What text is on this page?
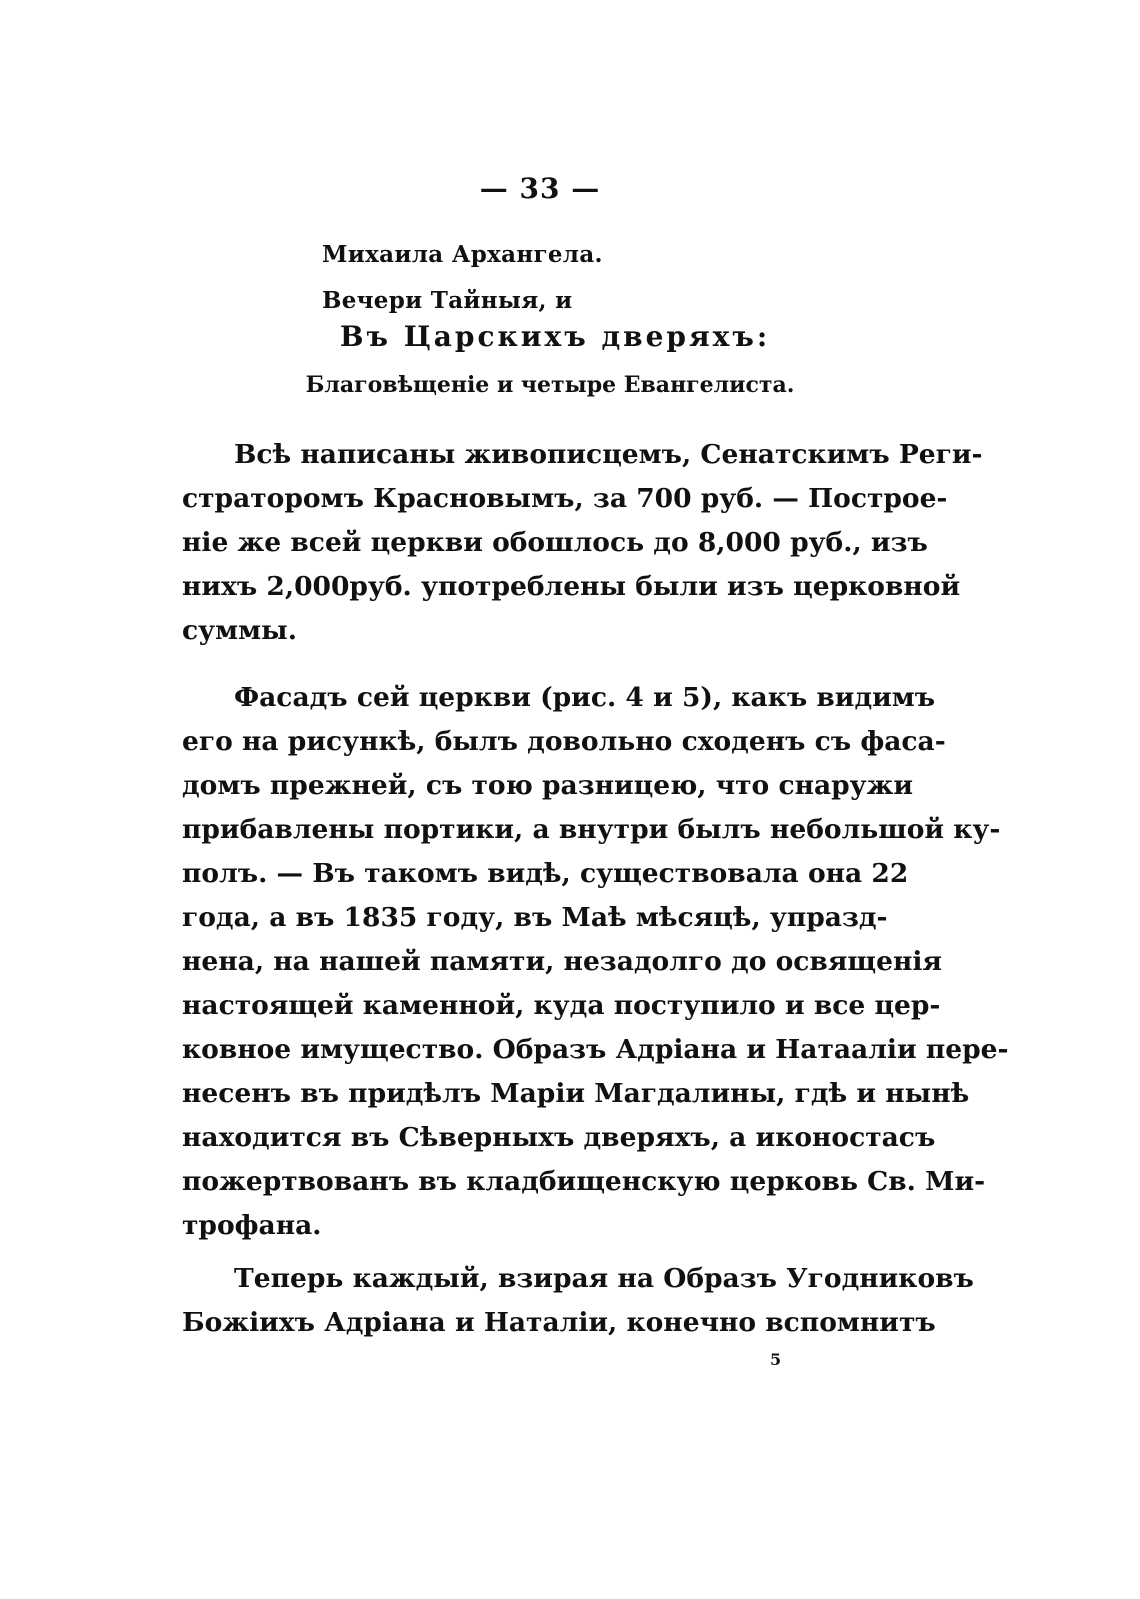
— 33 —
Михаила Архангела.
Вечери Тайныя, и
Въ Царскихъ дверяхъ:
Благовѣщеніе и четыре Евангелиста.
Всѣ написаны живописцемъ, Сенатскимъ Реги-
страторомъ Красновымъ, за 700 руб. — Построе-
ніе же всей церкви обошлось до 8,000 руб., изъ
нихъ 2,000руб. употреблены были изъ церковной
суммы.
Фасадъ сей церкви (рис. 4 и 5), какъ видимъ
его на рисункѣ, былъ довольно сходенъ съ фаса-
домъ прежней, съ тою разницею, что снаружи
прибавлены портики, а внутри былъ небольшой ку-
полъ. — Въ такомъ видѣ, существовала она 22
года, а въ 1835 году, въ Маѣ мѣсяцѣ, упразд-
нена, на нашей памяти, незадолго до освященія
настоящей каменной, куда поступило и все цер-
ковное имущество. Образъ Адріана и Натаaліи пере-
несенъ въ придѣлъ Маріи Магдалины, гдѣ и нынѣ
находится въ Сѣверныхъ дверяхъ, а иконостасъ
пожертвованъ въ кладбищенскую церковь Св. Ми-
трофана.
Теперь каждый, взирая на Образъ Угодниковъ
Божіихъ Адріана и Наталіи, конечно вспомнитъ
5
